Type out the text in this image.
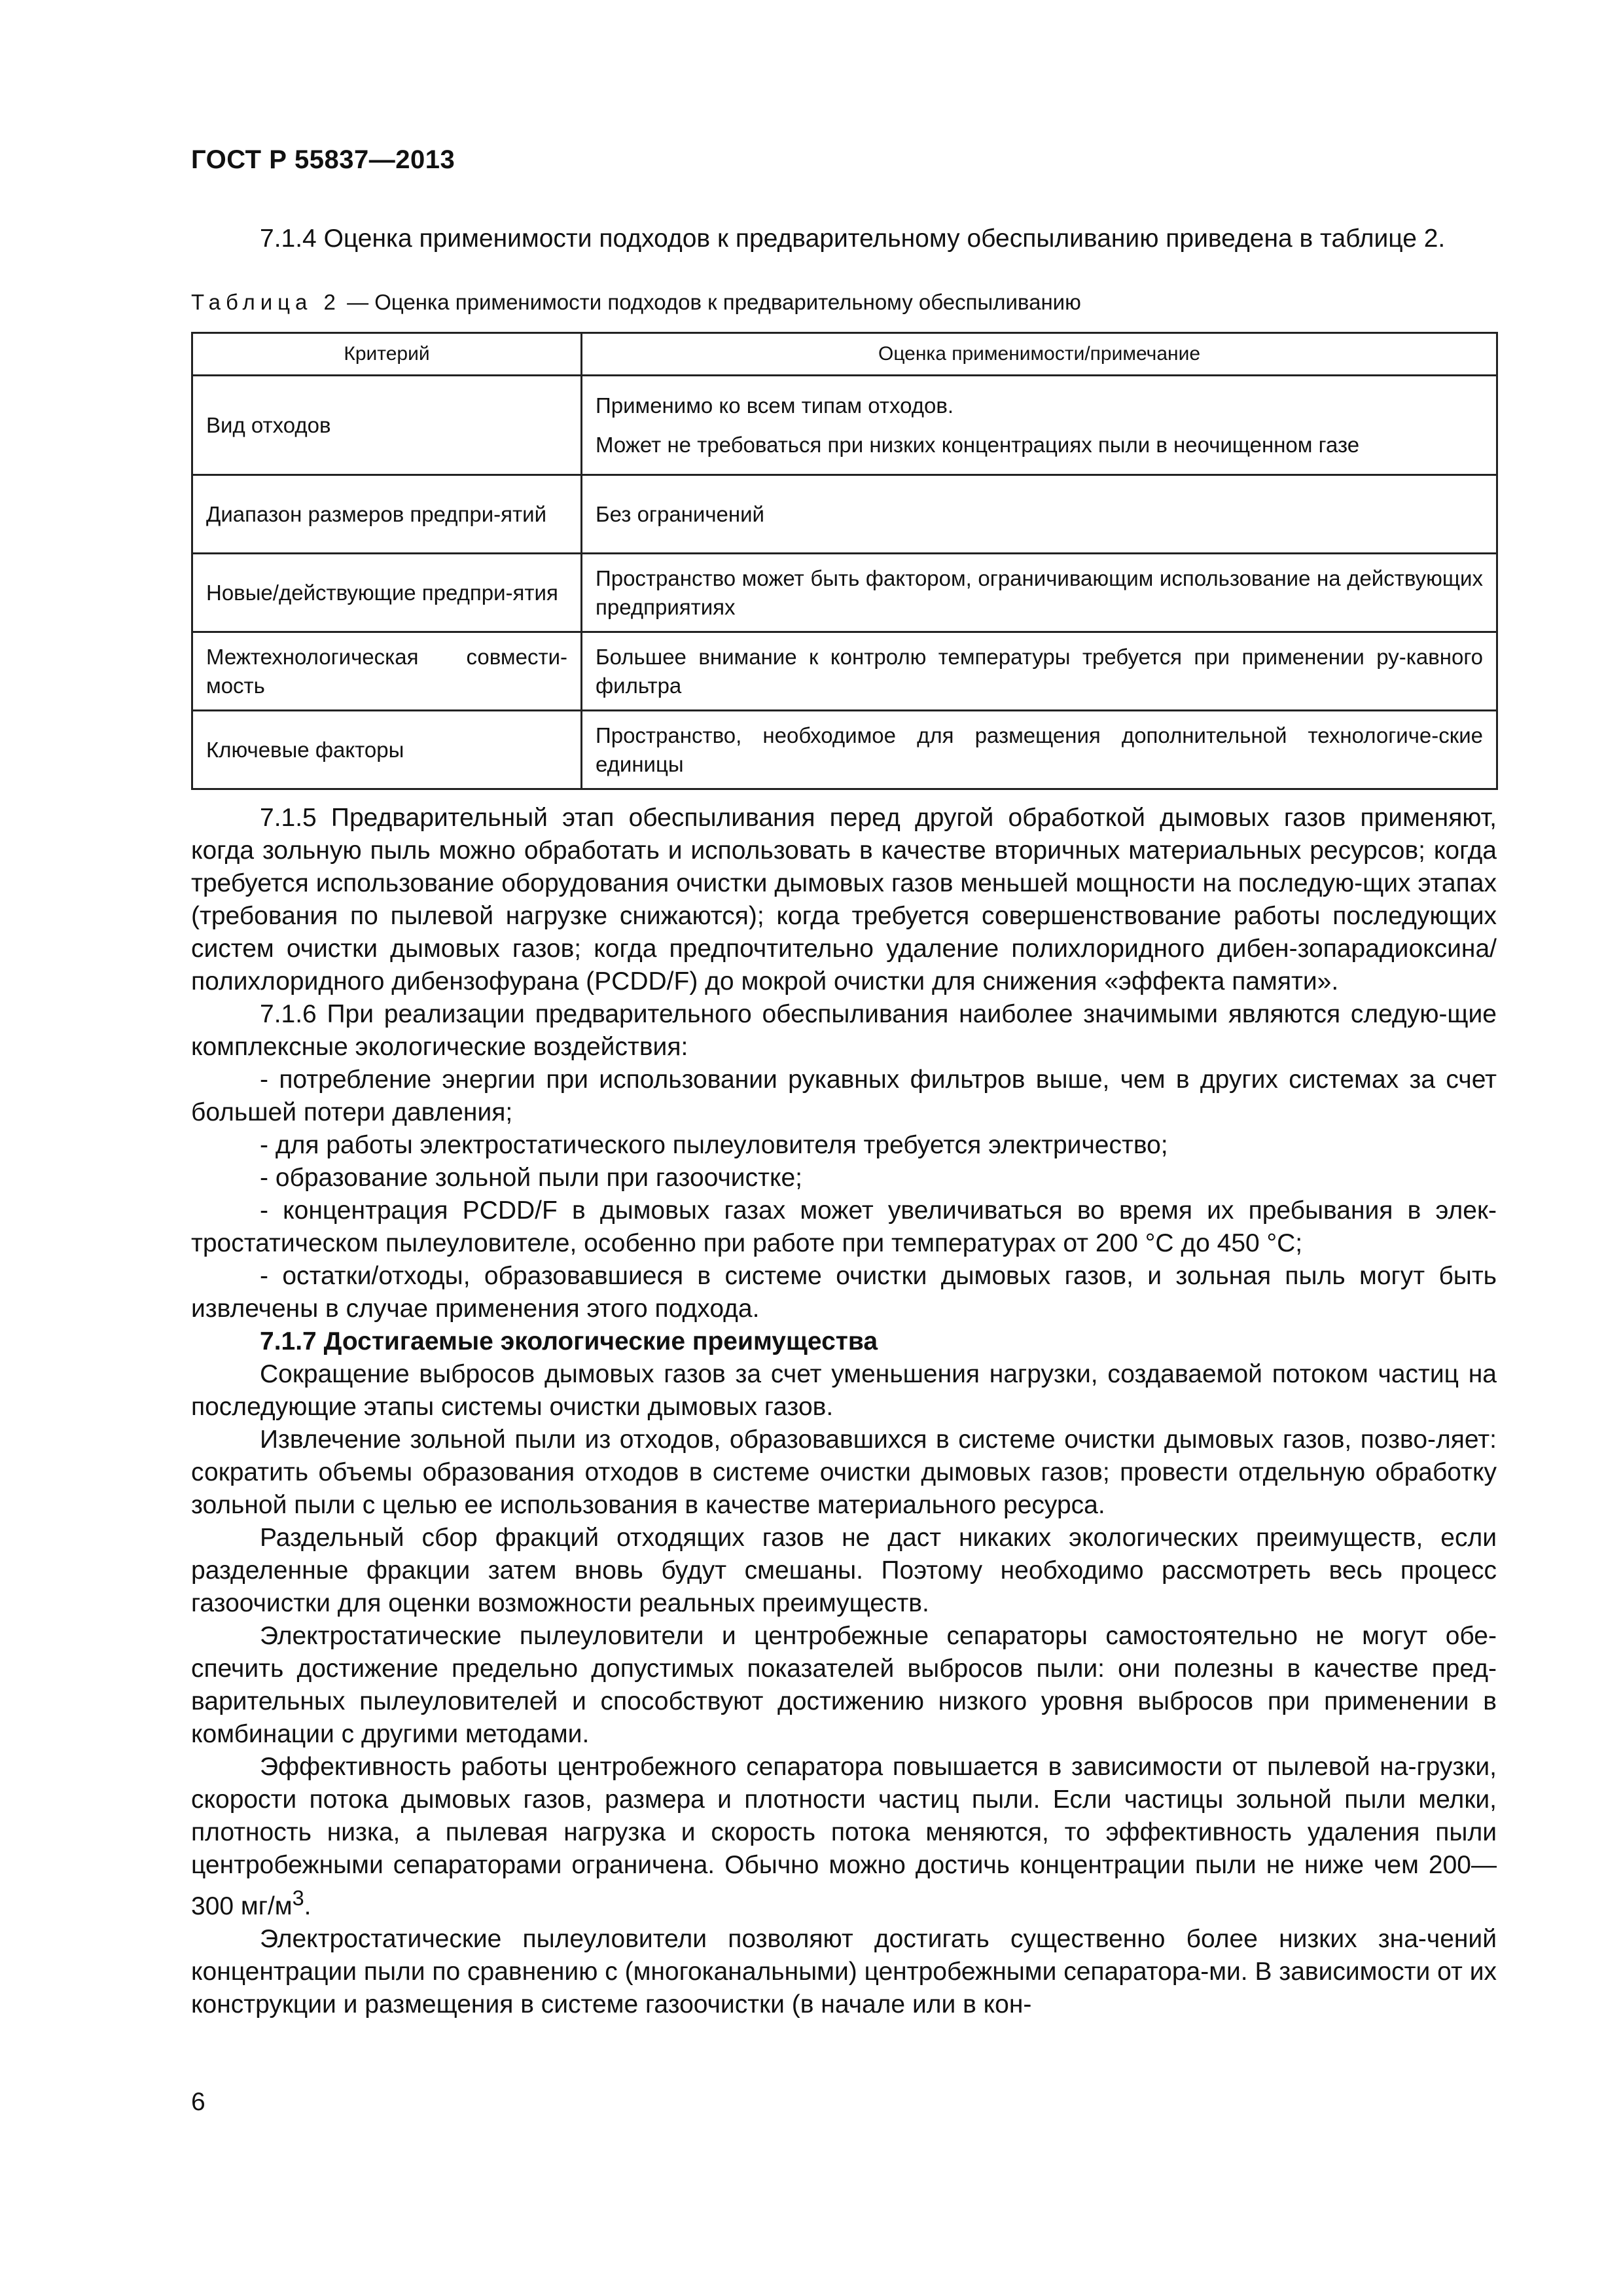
ГОСТ Р 55837—2013
7.1.4 Оценка применимости подходов к предварительному обеспыливанию приведена в таблице 2.
Таблица 2 — Оценка применимости подходов к предварительному обеспыливанию
Критерий	Оценка применимости/примечание
Вид отходов	Применимо ко всем типам отходов.

Может не требоваться при низких концентрациях пыли в неочищенном газе

Диапазон размеров предпри-ятий	Без ограничений
Новые/действующие предпри-ятия	Пространство может быть фактором, ограничивающим использование на действующих предприятиях
Межтехнологическая совмести-мость	Большее внимание к контролю температуры требуется при применении ру-кавного фильтра
Ключевые факторы	Пространство, необходимое для размещения дополнительной технологиче-ские единицы

7.1.5 Предварительный этап обеспыливания перед другой обработкой дымовых газов применяют, когда зольную пыль можно обработать и использовать в качестве вторичных материальных ресурсов; когда требуется использование оборудования очистки дымовых газов меньшей мощности на последую-щих этапах (требования по пылевой нагрузке снижаются); когда требуется совершенствование работы последующих систем очистки дымовых газов; когда предпочтительно удаление полихлоридного дибен-зопарадиоксина/полихлоридного дибензофурана (PCDD/F) до мокрой очистки для снижения «эффекта памяти».

7.1.6 При реализации предварительного обеспыливания наиболее значимыми являются следую-щие комплексные экологические воздействия:

- потребление энергии при использовании рукавных фильтров выше, чем в других системах за счет большей потери давления;

- для работы электростатического пылеуловителя требуется электричество;

- образование зольной пыли при газоочистке;

- концентрация PCDD/F в дымовых газах может увеличиваться во время их пребывания в элек-тростатическом пылеуловителе, особенно при работе при температурах от 200 °С до 450 °С;

- остатки/отходы, образовавшиеся в системе очистки дымовых газов, и зольная пыль могут быть извлечены в случае применения этого подхода.

7.1.7 Достигаемые экологические преимущества

Сокращение выбросов дымовых газов за счет уменьшения нагрузки, создаваемой потоком частиц на последующие этапы системы очистки дымовых газов.

Извлечение зольной пыли из отходов, образовавшихся в системе очистки дымовых газов, позво-ляет: сократить объемы образования отходов в системе очистки дымовых газов; провести отдельную обработку зольной пыли с целью ее использования в качестве материального ресурса.

Раздельный сбор фракций отходящих газов не даст никаких экологических преимуществ, если разделенные фракции затем вновь будут смешаны. Поэтому необходимо рассмотреть весь процесс газоочистки для оценки возможности реальных преимуществ.

Электростатические пылеуловители и центробежные сепараторы самостоятельно не могут обе-спечить достижение предельно допустимых показателей выбросов пыли: они полезны в качестве пред-варительных пылеуловителей и способствуют достижению низкого уровня выбросов при применении в комбинации с другими методами.

Эффективность работы центробежного сепаратора повышается в зависимости от пылевой на-грузки, скорости потока дымовых газов, размера и плотности частиц пыли. Если частицы зольной пыли мелки, плотность низка, а пылевая нагрузка и скорость потока меняются, то эффективность удаления пыли центробежными сепараторами ограничена. Обычно можно достичь концентрации пыли не ниже чем 200—300 $мг/м^3$.

Электростатические пылеуловители позволяют достигать существенно более низких зна-чений концентрации пыли по сравнению с (многоканальными) центробежными сепаратора-ми. В зависимости от их конструкции и размещения в системе газоочистки (в начале или в кон-

6
